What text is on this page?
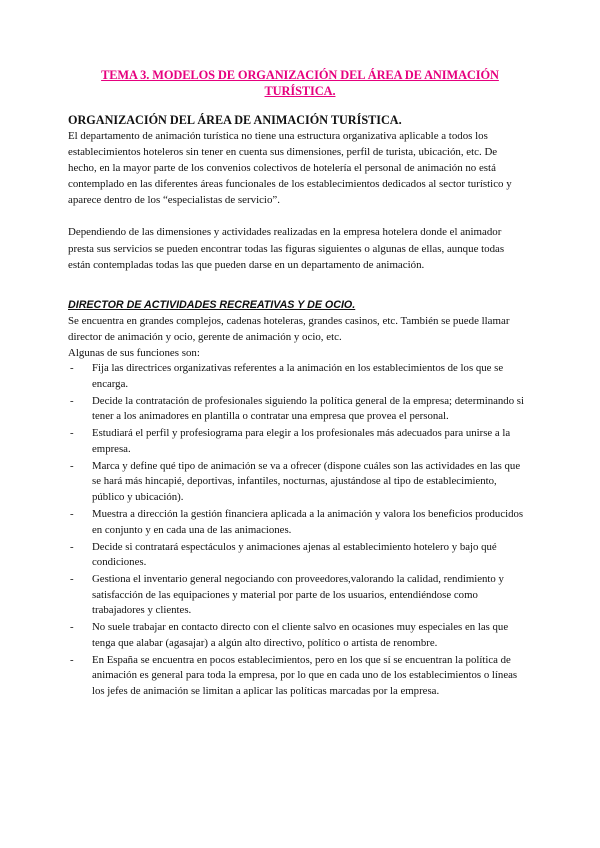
TEMA 3. MODELOS DE ORGANIZACIÓN DEL ÁREA DE ANIMACIÓN TURÍSTICA.
ORGANIZACIÓN DEL ÁREA DE ANIMACIÓN TURÍSTICA.

El departamento de animación turística no tiene una estructura organizativa aplicable a todos los establecimientos hoteleros sin tener en cuenta sus dimensiones, perfil de turista, ubicación, etc. De hecho, en la mayor parte de los convenios colectivos de hotelería el personal de animación no está contemplado en las diferentes áreas funcionales de los establecimientos dedicados al sector turístico y aparece dentro de los “especialistas de servicio”.

Dependiendo de las dimensiones y actividades realizadas en la empresa hotelera donde el animador presta sus servicios se pueden encontrar todas las figuras siguientes o algunas de ellas, aunque todas están contempladas todas las que pueden darse en un departamento de animación.

DIRECTOR DE ACTIVIDADES RECREATIVAS Y DE OCIO.

Se encuentra en grandes complejos, cadenas hoteleras, grandes casinos, etc. También se puede llamar director de animación y ocio, gerente de animación y ocio, etc.

Algunas de sus funciones son:

-	Fija las directrices organizativas referentes a la animación en los establecimientos de los que se encarga.
-	Decide la contratación de profesionales siguiendo la política general de la empresa; determinando si tener a los animadores en plantilla o contratar una empresa que provea el personal.
-	Estudiará el perfil y profesiograma para elegir a los profesionales más adecuados para unirse a la empresa.
-	Marca y define qué tipo de animación se va a ofrecer (dispone cuáles son las actividades en las que se hará más hincapié, deportivas, infantiles, nocturnas, ajustándose al tipo de establecimiento, público y ubicación).
-	Muestra a dirección la gestión financiera aplicada a la animación y valora los beneficios producidos en conjunto y en cada una de las animaciones.
-	Decide si contratará espectáculos y animaciones ajenas al establecimiento hotelero y bajo qué condiciones.
-	Gestiona el inventario general negociando con proveedores,valorando la calidad, rendimiento y satisfacción de las equipaciones y material por parte de los usuarios, entendiéndose como trabajadores y clientes.
-	No suele trabajar en contacto directo con el cliente salvo en ocasiones muy especiales en las que tenga que alabar (agasajar) a algún alto directivo, político o artista de renombre.
-	En España se encuentra en pocos establecimientos, pero en los que sí se encuentran la política de animación es general para toda la empresa, por lo que en cada uno de los establecimientos o líneas los jefes de animación se limitan a aplicar las políticas marcadas por la empresa.
